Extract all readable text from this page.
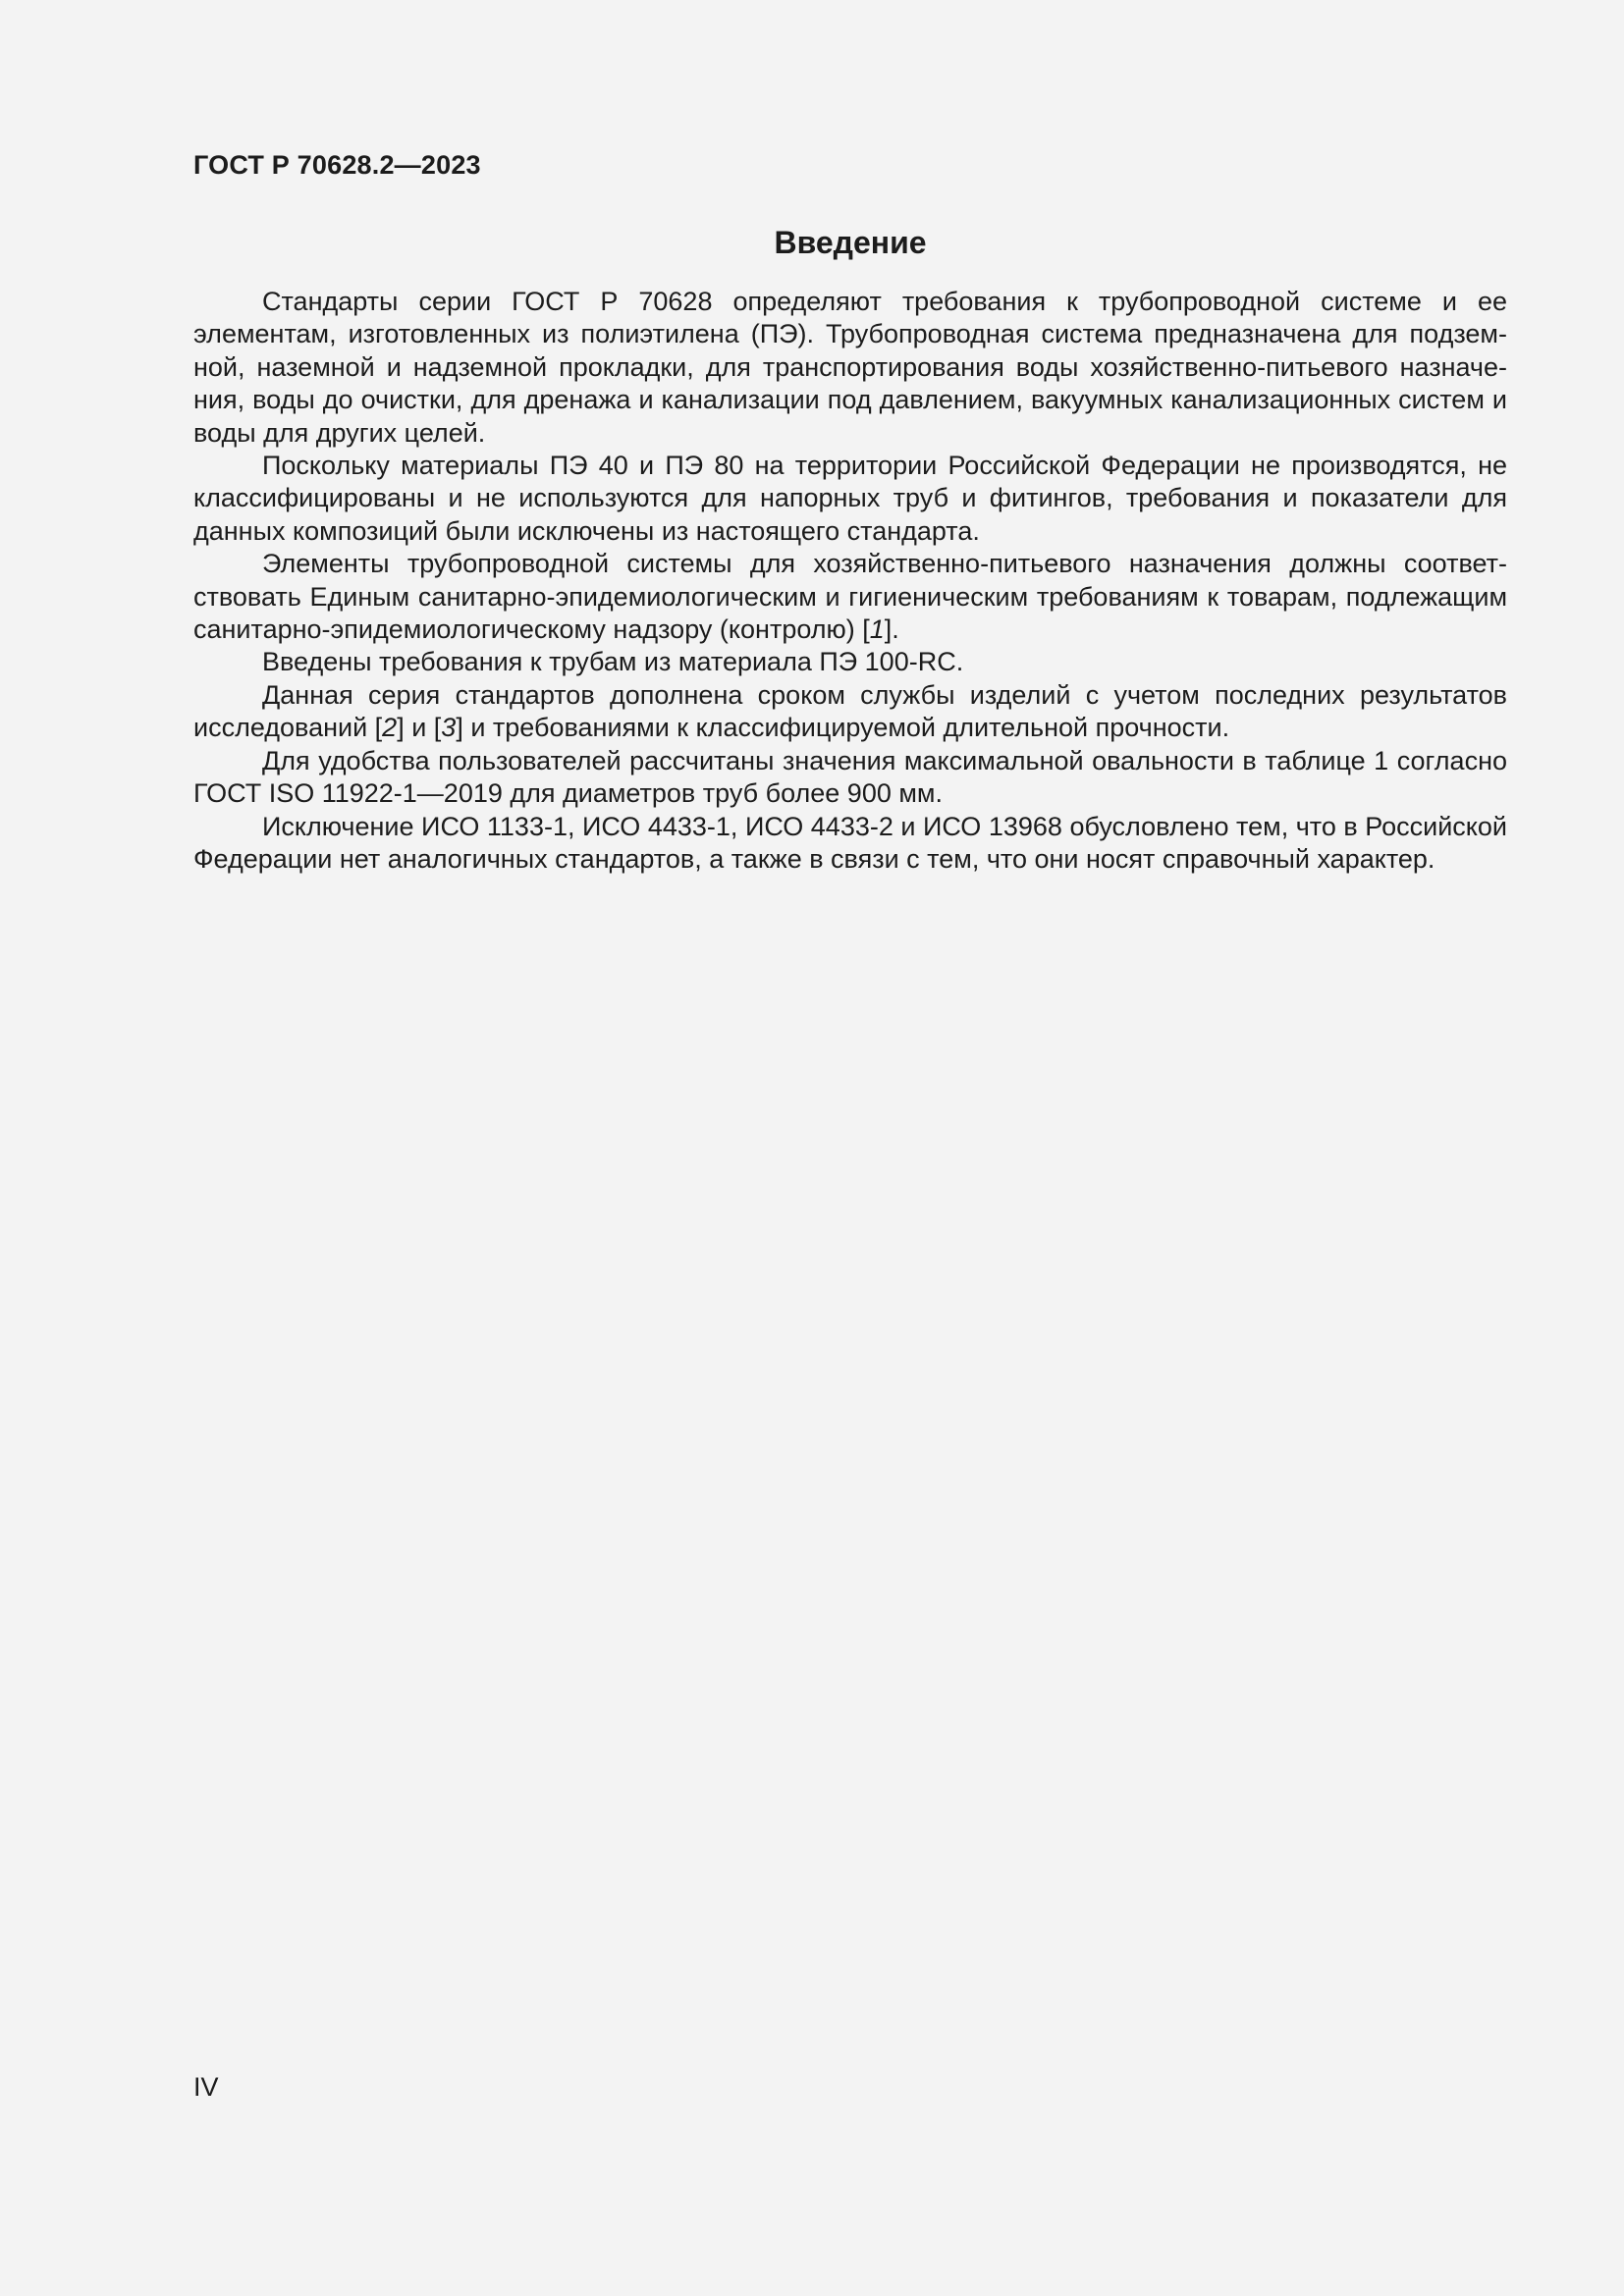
ГОСТ Р 70628.2—2023
Введение

Стандарты серии ГОСТ Р 70628 определяют требования к трубопроводной системе и ее элементам, изготовленных из полиэтилена (ПЭ). Трубопроводная система предназначена для подземной, наземной и надземной прокладки, для транспортирования воды хозяйственно-питьевого назначения, воды до очистки, для дренажа и канализации под давлением, вакуумных канализационных систем и воды для других целей.

Поскольку материалы ПЭ 40 и ПЭ 80 на территории Российской Федерации не производятся, не классифицированы и не используются для напорных труб и фитингов, требования и показатели для данных композиций были исключены из настоящего стандарта.

Элементы трубопроводной системы для хозяйственно-питьевого назначения должны соответствовать Единым санитарно-эпидемиологическим и гигиеническим требованиям к товарам, подлежащим санитарно-эпидемиологическому надзору (контролю) [1].

Введены требования к трубам из материала ПЭ 100-RC.

Данная серия стандартов дополнена сроком службы изделий с учетом последних результатов исследований [2] и [3] и требованиями к классифицируемой длительной прочности.

Для удобства пользователей рассчитаны значения максимальной овальности в таблице 1 согласно ГОСТ ISO 11922-1—2019 для диаметров труб более 900 мм.

Исключение ИСО 1133-1, ИСО 4433-1, ИСО 4433-2 и ИСО 13968 обусловлено тем, что в Российской Федерации нет аналогичных стандартов, а также в связи с тем, что они носят справочный характер.

IV
